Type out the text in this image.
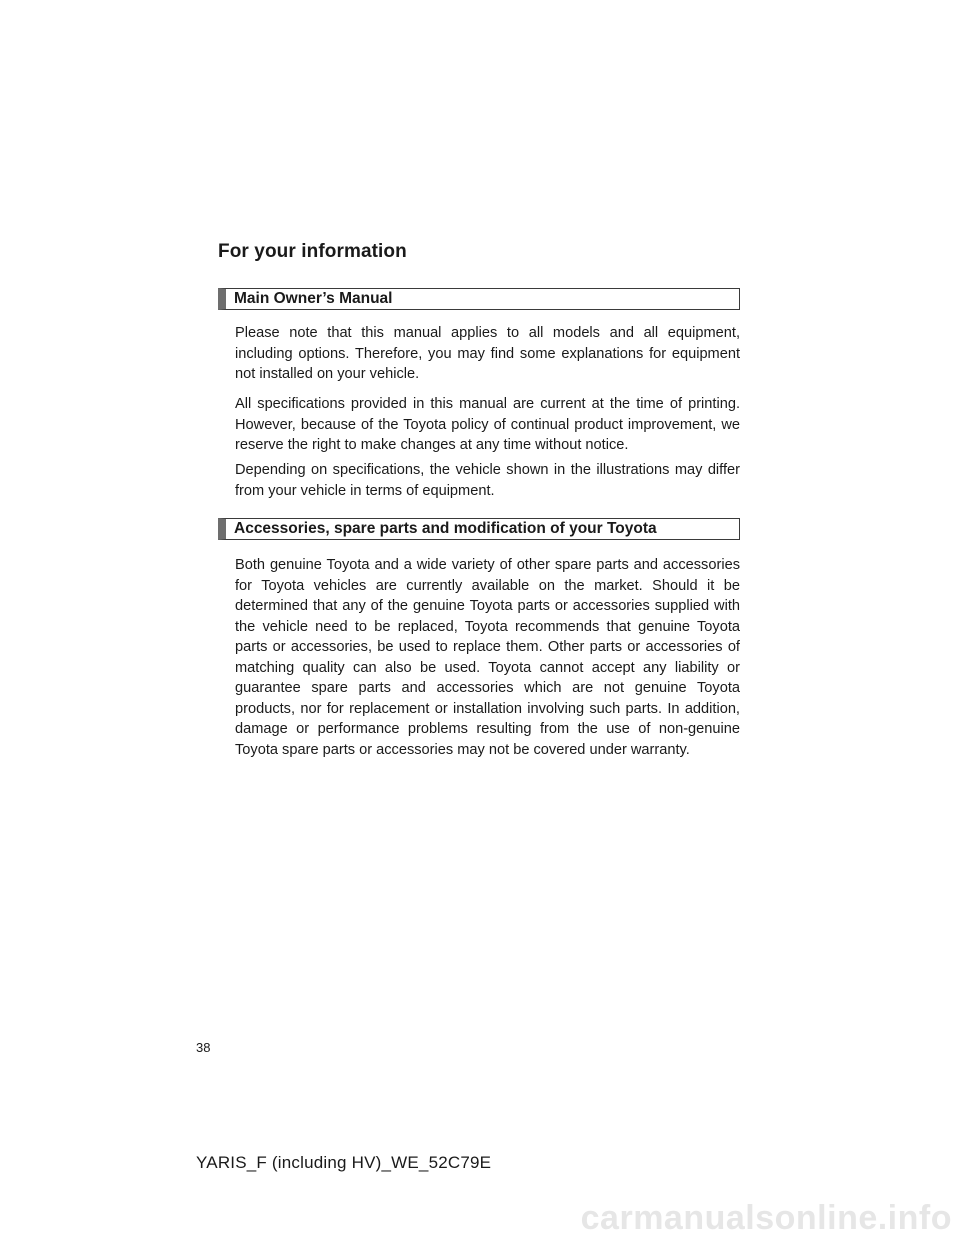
For your information
Main Owner’s Manual

Please note that this manual applies to all models and all equipment, including options. Therefore, you may find some explanations for equipment not installed on your vehicle.

All specifications provided in this manual are current at the time of printing. However, because of the Toyota policy of continual product improvement, we reserve the right to make changes at any time without notice.

Depending on specifications, the vehicle shown in the illustrations may differ from your vehicle in terms of equipment.

Accessories, spare parts and modification of your Toyota

Both genuine Toyota and a wide variety of other spare parts and accessories for Toyota vehicles are currently available on the market. Should it be determined that any of the genuine Toyota parts or accessories supplied with the vehicle need to be replaced, Toyota recommends that genuine Toyota parts or accessories, be used to replace them. Other parts or accessories of matching quality can also be used. Toyota cannot accept any liability or guarantee spare parts and accessories which are not genuine Toyota products, nor for replacement or installation involving such parts. In addition, damage or performance problems resulting from the use of non-genuine Toyota spare parts or accessories may not be covered under warranty.

38
YARIS_F (including HV)_WE_52C79E
carmanualsonline.info
